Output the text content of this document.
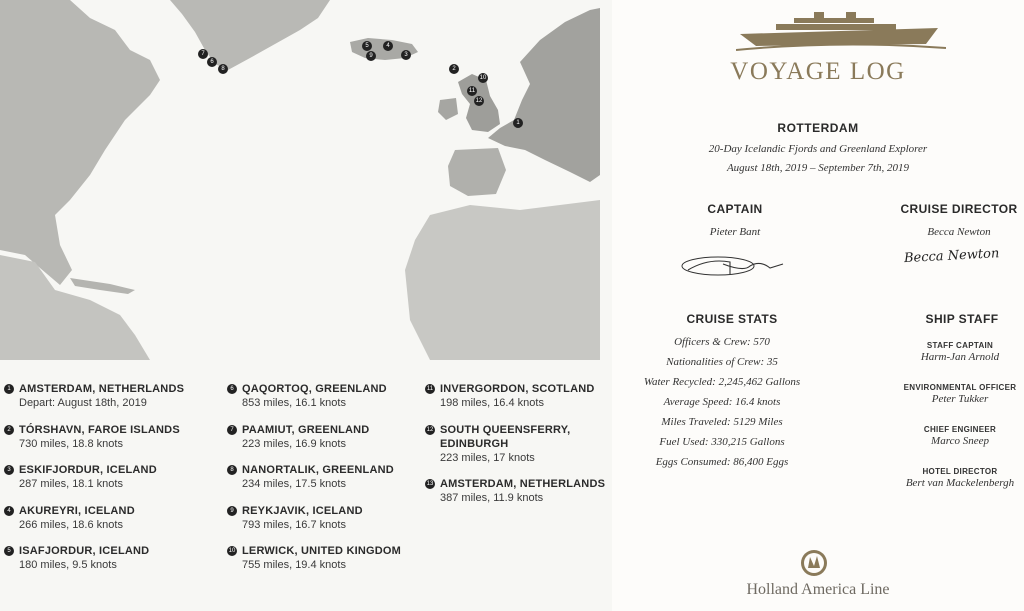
1
2
3
4
5
9
7
6
8
10
11
12
1 AMSTERDAM, NETHERLANDS
Depart: August 18th, 2019
2 TÓRSHAVN, FAROE ISLANDS
730 miles, 18.8 knots
3 ESKIFJORDUR, ICELAND
287 miles, 18.1 knots
4 AKUREYRI, ICELAND
266 miles, 18.6 knots
5 ISAFJORDUR, ICELAND
180 miles, 9.5 knots
6 QAQORTOQ, GREENLAND
853 miles, 16.1 knots
7 PAAMIUT, GREENLAND
223 miles, 16.9 knots
8 NANORTALIK, GREENLAND
234 miles, 17.5 knots
9 REYKJAVIK, ICELAND
793 miles, 16.7 knots
10 LERWICK, UNITED KINGDOM
755 miles, 19.4 knots
11 INVERGORDON, SCOTLAND
198 miles, 16.4 knots
12 SOUTH QUEENSFERRY,
EDINBURGH
223 miles, 17 knots
13 AMSTERDAM, NETHERLANDS
387 miles, 11.9 knots
VOYAGE LOG
ROTTERDAM
20-Day Icelandic Fjords and Greenland Explorer
August 18th, 2019 – September 7th, 2019
CAPTAIN
Pieter Bant
CRUISE DIRECTOR
Becca Newton
Becca Newton
CRUISE STATS
Officers & Crew: 570
Nationalities of Crew: 35
Water Recycled: 2,245,462 Gallons
Average Speed: 16.4 knots
Miles Traveled: 5129 Miles
Fuel Used: 330,215 Gallons
Eggs Consumed: 86,400 Eggs
SHIP STAFF
STAFF CAPTAIN
Harm-Jan Arnold
ENVIRONMENTAL OFFICER
Peter Tukker
CHIEF ENGINEER
Marco Sneep
HOTEL DIRECTOR
Bert van Mackelenbergh
Holland America Line
